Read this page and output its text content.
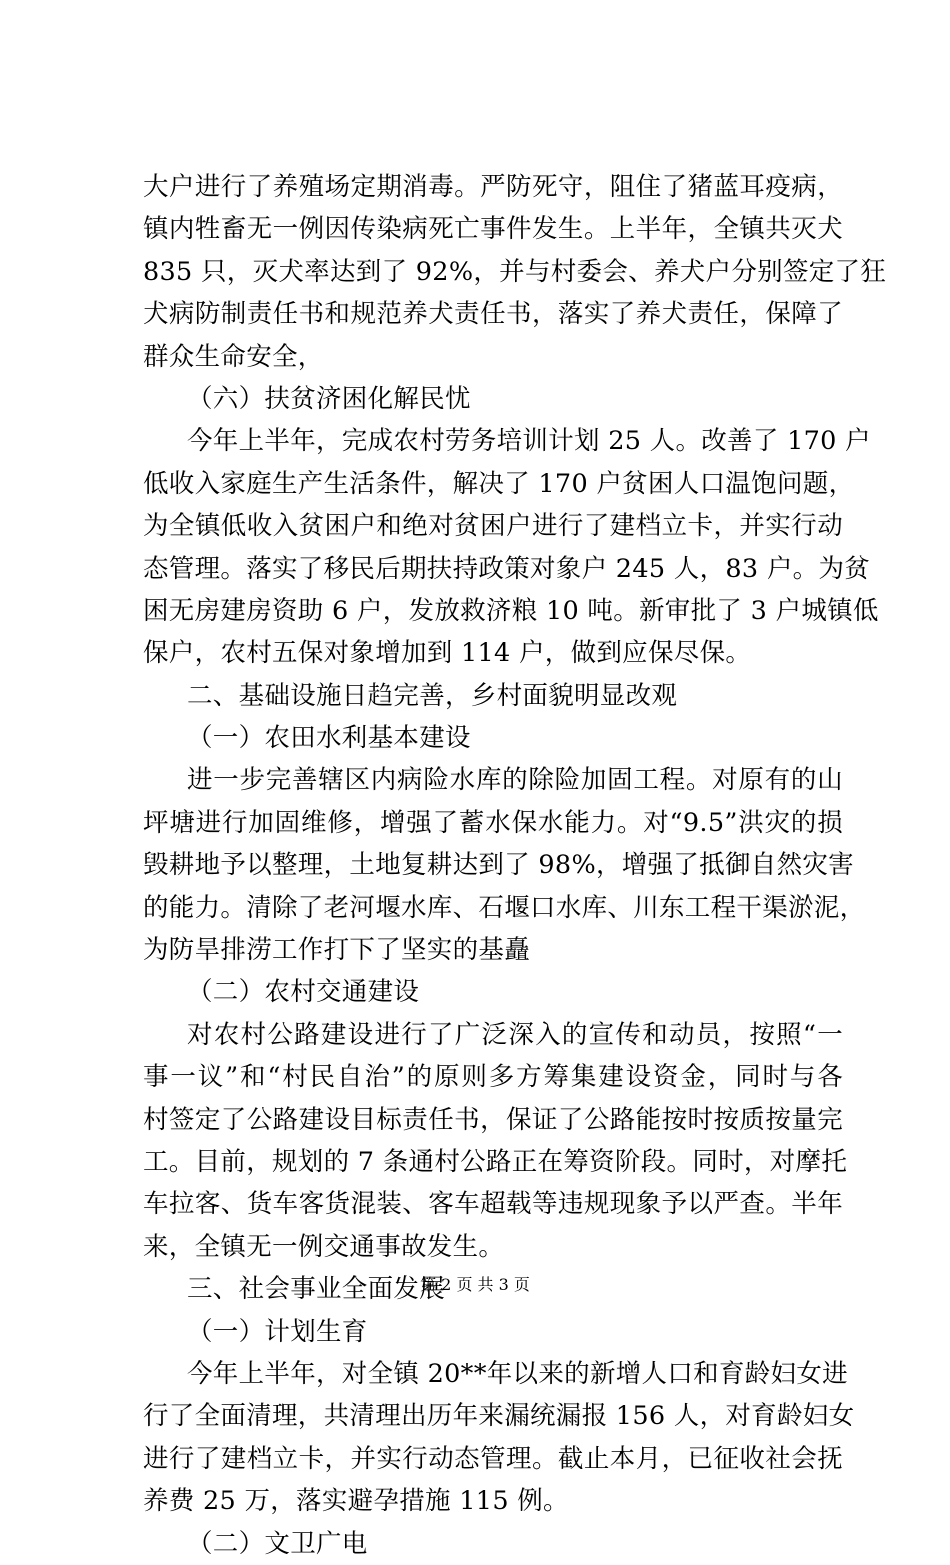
大户进行了养殖场定期消毒。严防死守，阻住了猪蓝耳疫病，
镇内牲畜无一例因传染病死亡事件发生。上半年，全镇共灭犬
835 只，灭犬率达到了 92%，并与村委会、养犬户分别签定了狂
犬病防制责任书和规范养犬责任书，落实了养犬责任，保障了
群众生命安全，
（六）扶贫济困化解民忧
今年上半年，完成农村劳务培训计划 25 人。改善了 170 户
低收入家庭生产生活条件，解决了 170 户贫困人口温饱问题，
为全镇低收入贫困户和绝对贫困户进行了建档立卡，并实行动
态管理。落实了移民后期扶持政策对象户 245 人，83 户。为贫
困无房建房资助 6 户，发放救济粮 10 吨。新审批了 3 户城镇低
保户，农村五保对象增加到 114 户，做到应保尽保。
二、基础设施日趋完善，乡村面貌明显改观
（一）农田水利基本建设
进一步完善辖区内病险水库的除险加固工程。对原有的山
坪塘进行加固维修，增强了蓄水保水能力。对“9.5”洪灾的损
毁耕地予以整理，土地复耕达到了 98%，增强了抵御自然灾害
的能力。清除了老河堰水库、石堰口水库、川东工程干渠淤泥，
为防旱排涝工作打下了坚实的基矗
（二）农村交通建设
对农村公路建设进行了广泛深入的宣传和动员，按照“一
事一议”和“村民自治”的原则多方筹集建设资金，同时与各
村签定了公路建设目标责任书，保证了公路能按时按质按量完
工。目前，规划的 7 条通村公路正在筹资阶段。同时，对摩托
车拉客、货车客货混装、客车超载等违规现象予以严查。半年
来，全镇无一例交通事故发生。
三、社会事业全面发展
（一）计划生育
今年上半年，对全镇 20**年以来的新增人口和育龄妇女进
行了全面清理，共清理出历年来漏统漏报 156 人，对育龄妇女
进行了建档立卡，并实行动态管理。截止本月，已征收社会抚
养费 25 万，落实避孕措施 115 例。
（二）文卫广电
第 2 页 共 3 页
